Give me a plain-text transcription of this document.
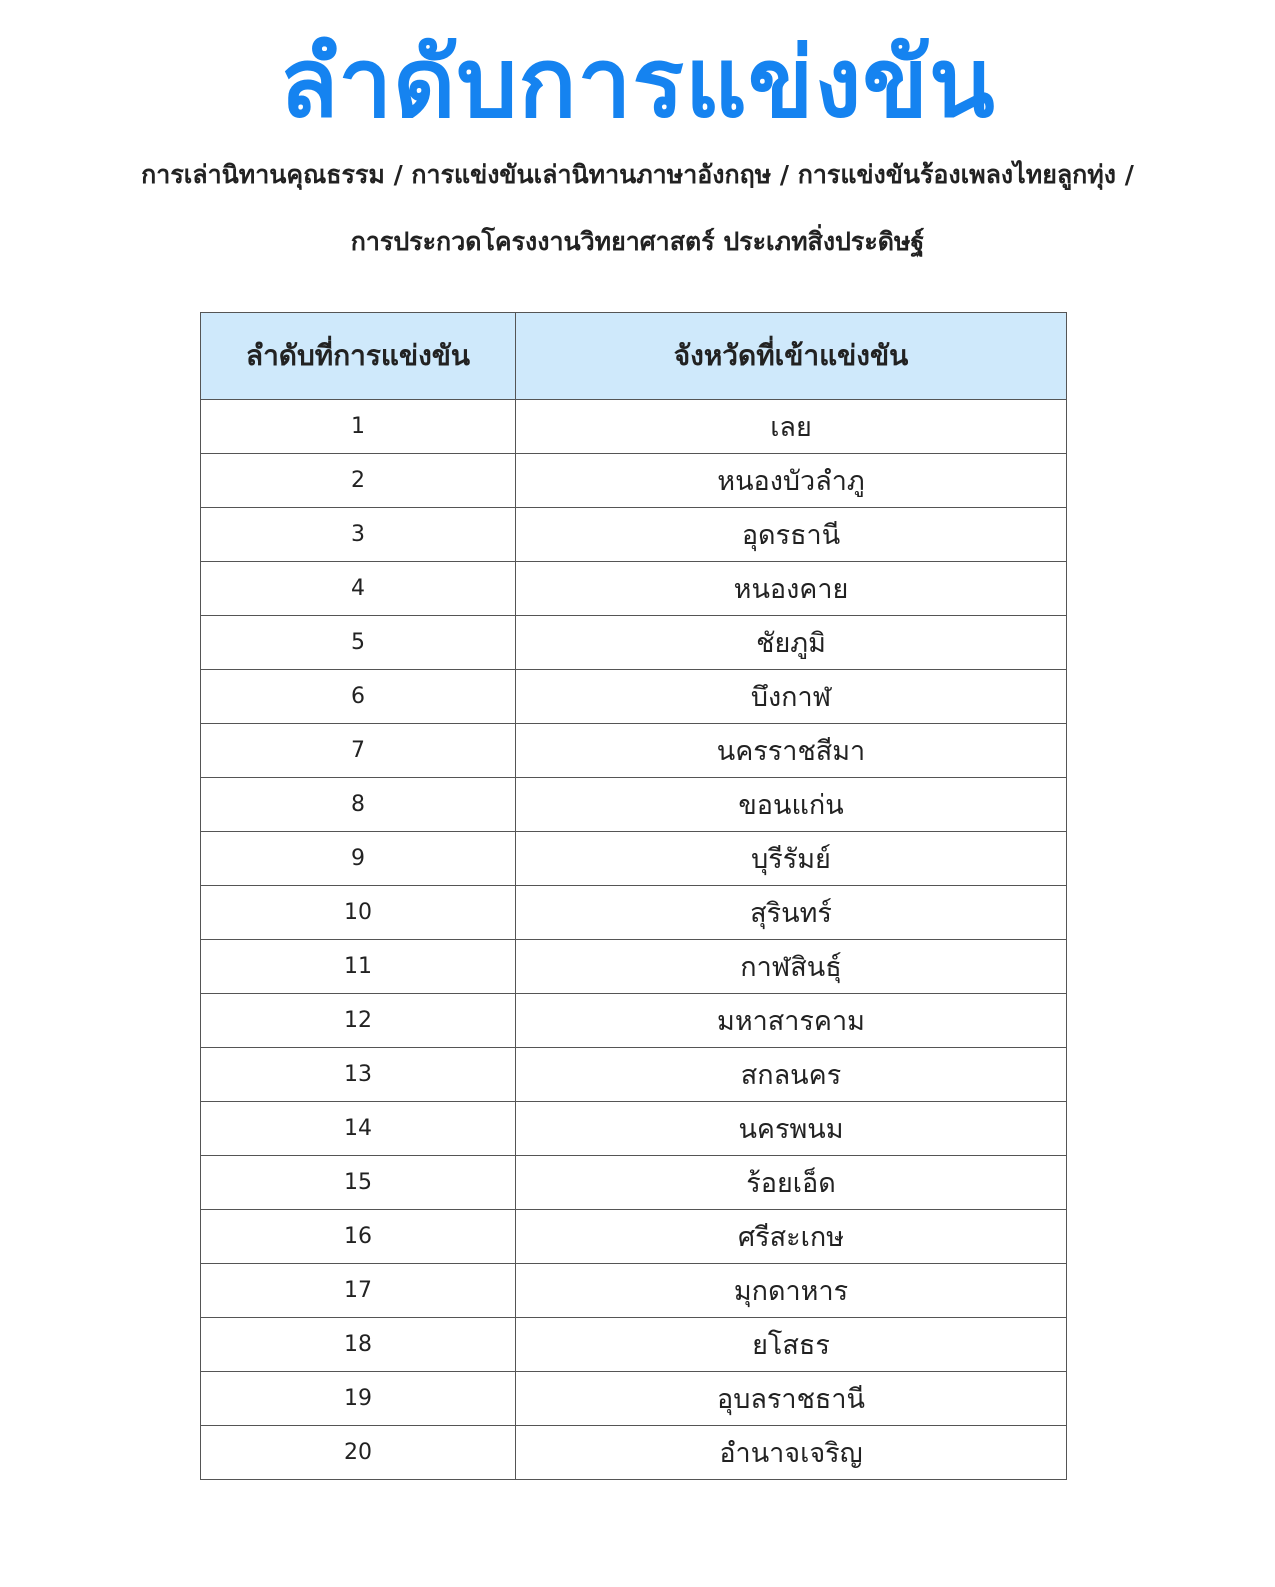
ลำดับการแข่งขัน
การเล่านิทานคุณธรรม / การแข่งขันเล่านิทานภาษาอังกฤษ / การแข่งขันร้องเพลงไทยลูกทุ่ง /
การประกวดโครงงานวิทยาศาสตร์ ประเภทสิ่งประดิษฐ์
ลำดับที่การแข่งขัน	จังหวัดที่เข้าแข่งขัน
1	เลย
2	หนองบัวลำภู
3	อุดรธานี
4	หนองคาย
5	ชัยภูมิ
6	บึงกาฬ
7	นครราชสีมา
8	ขอนแก่น
9	บุรีรัมย์
10	สุรินทร์
11	กาฬสินธุ์
12	มหาสารคาม
13	สกลนคร
14	นครพนม
15	ร้อยเอ็ด
16	ศรีสะเกษ
17	มุกดาหาร
18	ยโสธร
19	อุบลราชธานี
20	อำนาจเจริญ
